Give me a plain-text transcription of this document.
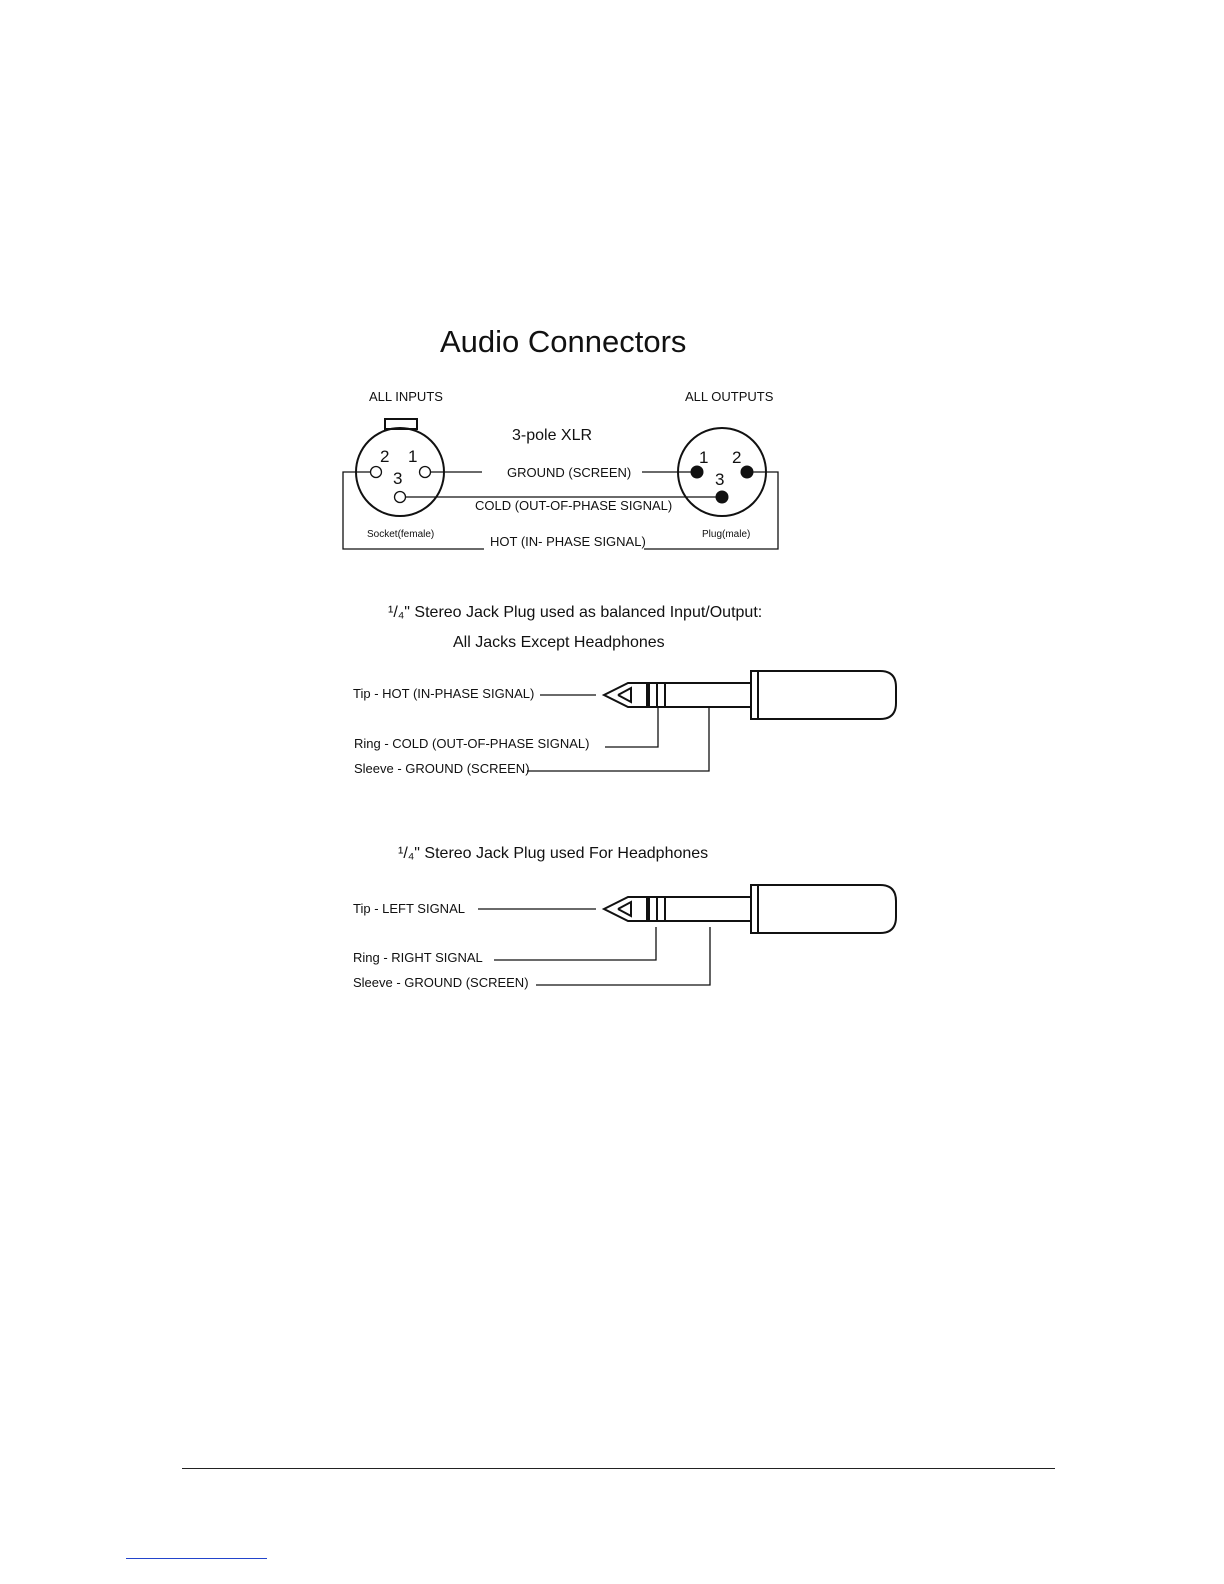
Audio Connectors
ALL INPUTS	ALL OUTPUTS
3-pole XLR
2 1
3
Socket(female)
1 2
3
Plug(male)
GROUND (SCREEN)
COLD (OUT-OF-PHASE SIGNAL)
HOT (IN- PHASE SIGNAL)
¹/₄" Stereo Jack Plug used as balanced Input/Output:
All Jacks Except Headphones
Tip - HOT (IN-PHASE SIGNAL)
Ring - COLD (OUT-OF-PHASE SIGNAL)
Sleeve - GROUND (SCREEN)
¹/₄" Stereo Jack Plug used For Headphones
Tip - LEFT SIGNAL
Ring - RIGHT SIGNAL
Sleeve - GROUND (SCREEN)
